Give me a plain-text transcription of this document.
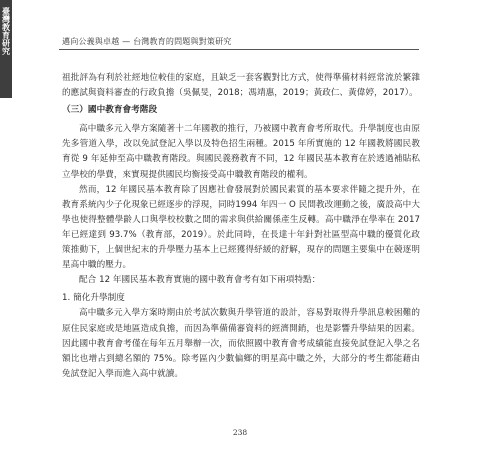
臺灣教育研究
邁向公義與卓越 — 台灣教育的問題與對策研究

祖批評為有利於社經地位較佳的家庭，且缺乏一套客觀對比方式，使得準備材料經常流於繁雜的應試與資料審查的行政負擔（吳佩旻，2018；馮靖惠，2019；黃政仁、黃偉婷，2017）。

（三）國中教育會考階段

高中職多元入學方案隨著十二年國教的推行，乃被國中教育會考所取代。升學制度也由原先多管道入學，改以免試登記入學以及特色招生兩種。2015 年所實施的 12 年國教將國民教育從 9 年延伸至高中職教育階段。與國民義務教育不同，12 年國民基本教育在於透過補貼私立學校的學費，來實現提供國民均衡接受高中職教育階段的權利。

然而，12 年國民基本教育除了因應社會發展對於國民素質的基本要求伴隨之提升外，在教育系統內少子化現象已經逐步的浮現，同時1994 年四一 O 民間教改運動之後，廣設高中大學也使得整體學齡人口與學校校數之間的需求與供給關係產生反轉。高中職淨在學率在 2017 年已經達到 93.7%（教育部，2019）。於此同時，在長達十年針對社區型高中職的優質化政策推動下，上個世紀末的升學壓力基本上已經獲得紓緩的舒解，現存的問題主要集中在競逐明星高中職的壓力。

配合 12 年國民基本教育實施的國中教育會考有如下兩項特點：

1. 簡化升學制度

高中職多元入學方案時期由於考試次數與升學管道的設計，容易對取得升學訊息較困難的原住民家庭或是地區造成負擔，而因為準備備審資料的經濟開銷，也是影響升學結果的因素。因此國中教育會考僅在每年五月舉辦一次，而依照國中教育會考成績能直接免試登記入學之名額比也增占到總名額的 75%。除考區內少數偏鄉的明星高中職之外，大部分的考生都能藉由免試登記入學而進入高中就讀。

238
